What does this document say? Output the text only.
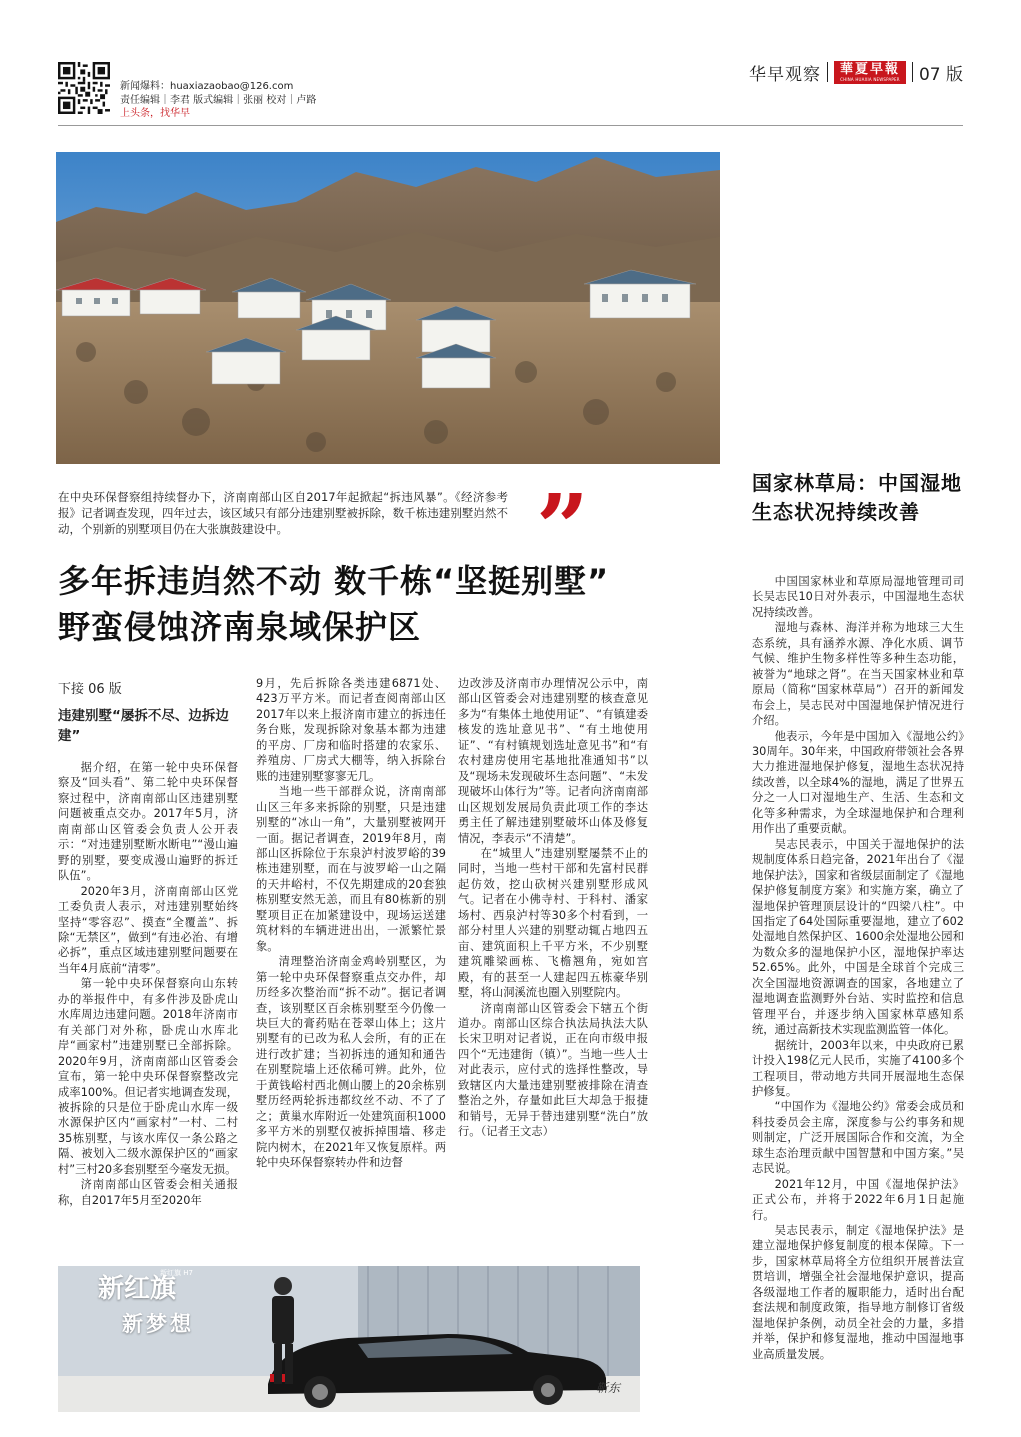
新闻爆料：huaxiazaobao@126.com
责任编辑｜李君 版式编辑｜张丽 校对｜卢路
上头条，找华早
华早观察 華夏早報
CHINA HUAXIA NEWSPAPER 07 版
在中央环保督察组持续督办下，济南南部山区自2017年起掀起“拆违风暴”。《经济参考报》记者调查发现，四年过去，该区域只有部分违建别墅被拆除，数千栋违建别墅岿然不动，个别新的别墅项目仍在大张旗鼓建设中。	”
多年拆违岿然不动 数千栋“坚挺别墅”
野蛮侵蚀济南泉域保护区
下接 06 版
违建别墅“屡拆不尽、边拆边建”

据介绍，在第一轮中央环保督察及“回头看”、第二轮中央环保督察过程中，济南南部山区违建别墅问题被重点交办。2017年5月，济南南部山区管委会负责人公开表示：“对违建别墅断水断电”“漫山遍野的别墅，要变成漫山遍野的拆迁队伍”。

2020年3月，济南南部山区党工委负责人表示，对违建别墅始终坚持“零容忍”、摸查“全覆盖”、拆除“无禁区”，做到“有违必治、有增必拆”，重点区域违建别墅问题要在当年4月底前“清零”。

第一轮中央环保督察向山东转办的举报件中，有多件涉及卧虎山水库周边违建问题。2018年济南市有关部门对外称，卧虎山水库北岸“画家村”违建别墅已全部拆除。2020年9月，济南南部山区管委会宣布，第一轮中央环保督察整改完成率100%。但记者实地调查发现，被拆除的只是位于卧虎山水库一级水源保护区内“画家村”一村、二村35栋别墅，与该水库仅一条公路之隔、被划入二级水源保护区的“画家村”三村20多套别墅至今毫发无损。

济南南部山区管委会相关通报称，自2017年5月至2020年

9月，先后拆除各类违建6871处、423万平方米。而记者查阅南部山区2017年以来上报济南市建立的拆违任务台账，发现拆除对象基本都为违建的平房、厂房和临时搭建的农家乐、养殖房、厂房式大棚等，纳入拆除台账的违建别墅寥寥无几。

当地一些干部群众说，济南南部山区三年多来拆除的别墅，只是违建别墅的“冰山一角”，大量别墅被网开一面。据记者调查，2019年8月，南部山区拆除位于东泉泸村波罗峪的39栋违建别墅，而在与波罗峪一山之隔的天井峪村，不仅先期建成的20套独栋别墅安然无恙，而且有80栋新的别墅项目正在加紧建设中，现场运送建筑材料的车辆进进出出，一派繁忙景象。

清理整治济南金鸡岭别墅区，为第一轮中央环保督察重点交办件，却历经多次整治而“拆不动”。据记者调查，该别墅区百余栋别墅至今仍像一块巨大的膏药贴在苍翠山体上；这片别墅有的已改为私人会所，有的正在进行改扩建；当初拆违的通知和通告在别墅院墙上还依稀可辨。此外，位于黄钱峪村西北侧山腰上的20余栋别墅历经两轮拆违都纹丝不动、不了了之；黄巢水库附近一处建筑面积1000多平方米的别墅仅被拆掉围墙、移走院内树木，在2021年又恢复原样。两轮中央环保督察转办件和边督

边改涉及济南市办理情况公示中，南部山区管委会对违建别墅的核查意见多为“有集体土地使用证”、“有镇建委核发的选址意见书”、“有土地使用证”、“有村镇规划选址意见书”和“有农村建房使用宅基地批准通知书”以及“现场未发现破坏生态问题”、“未发现破坏山体行为”等。记者向济南南部山区规划发展局负责此项工作的李达勇主任了解违建别墅破坏山体及修复情况，李表示“不清楚”。

在“城里人”违建别墅屡禁不止的同时，当地一些村干部和先富村民群起仿效，挖山砍树兴建别墅形成风气。记者在小佛寺村、于科村、潘家场村、西泉泸村等30多个村看到，一部分村里人兴建的别墅动辄占地四五亩、建筑面积上千平方米，不少别墅建筑雕梁画栋、飞檐翘角，宛如宫殿，有的甚至一人建起四五栋豪华别墅，将山洞溪流也圈入别墅院内。

济南南部山区管委会下辖五个街道办。南部山区综合执法局执法大队长宋卫明对记者说，正在向市级申报四个“无违建街（镇）”。当地一些人士对此表示，应付式的选择性整改，导致辖区内大量违建别墅被排除在清查整治之外，存量如此巨大却急于报捷和销号，无异于替违建别墅“洗白”放行。（记者王文志）

新红旗 H7
新红旗
新梦想
靳东
国家林草局：中国湿地生态状况持续改善

中国国家林业和草原局湿地管理司司长吴志民10日对外表示，中国湿地生态状况持续改善。

湿地与森林、海洋并称为地球三大生态系统，具有涵养水源、净化水质、调节气候、维护生物多样性等多种生态功能，被誉为“地球之肾”。在当天国家林业和草原局（简称“国家林草局”）召开的新闻发布会上，吴志民对中国湿地保护情况进行介绍。

他表示，今年是中国加入《湿地公约》30周年。30年来，中国政府带领社会各界大力推进湿地保护修复，湿地生态状况持续改善，以全球4%的湿地，满足了世界五分之一人口对湿地生产、生活、生态和文化等多种需求，为全球湿地保护和合理利用作出了重要贡献。

吴志民表示，中国关于湿地保护的法规制度体系日趋完备，2021年出台了《湿地保护法》，国家和省级层面制定了《湿地保护修复制度方案》和实施方案，确立了湿地保护管理顶层设计的“四梁八柱”。中国指定了64处国际重要湿地，建立了602处湿地自然保护区、1600余处湿地公园和为数众多的湿地保护小区，湿地保护率达52.65%。此外，中国是全球首个完成三次全国湿地资源调查的国家，各地建立了湿地调查监测野外台站、实时监控和信息管理平台，并逐步纳入国家林草感知系统，通过高新技术实现监测监管一体化。

据统计，2003年以来，中央政府已累计投入198亿元人民币，实施了4100多个工程项目，带动地方共同开展湿地生态保护修复。

“中国作为《湿地公约》常委会成员和科技委员会主席，深度参与公约事务和规则制定，广泛开展国际合作和交流，为全球生态治理贡献中国智慧和中国方案。”吴志民说。

2021年12月，中国《湿地保护法》正式公布，并将于2022年6月1日起施行。

吴志民表示，制定《湿地保护法》是建立湿地保护修复制度的根本保障。下一步，国家林草局将全方位组织开展普法宣贯培训，增强全社会湿地保护意识，提高各级湿地工作者的履职能力，适时出台配套法规和制度政策，指导地方制修订省级湿地保护条例，动员全社会的力量，多措并举，保护和修复湿地，推动中国湿地事业高质量发展。
